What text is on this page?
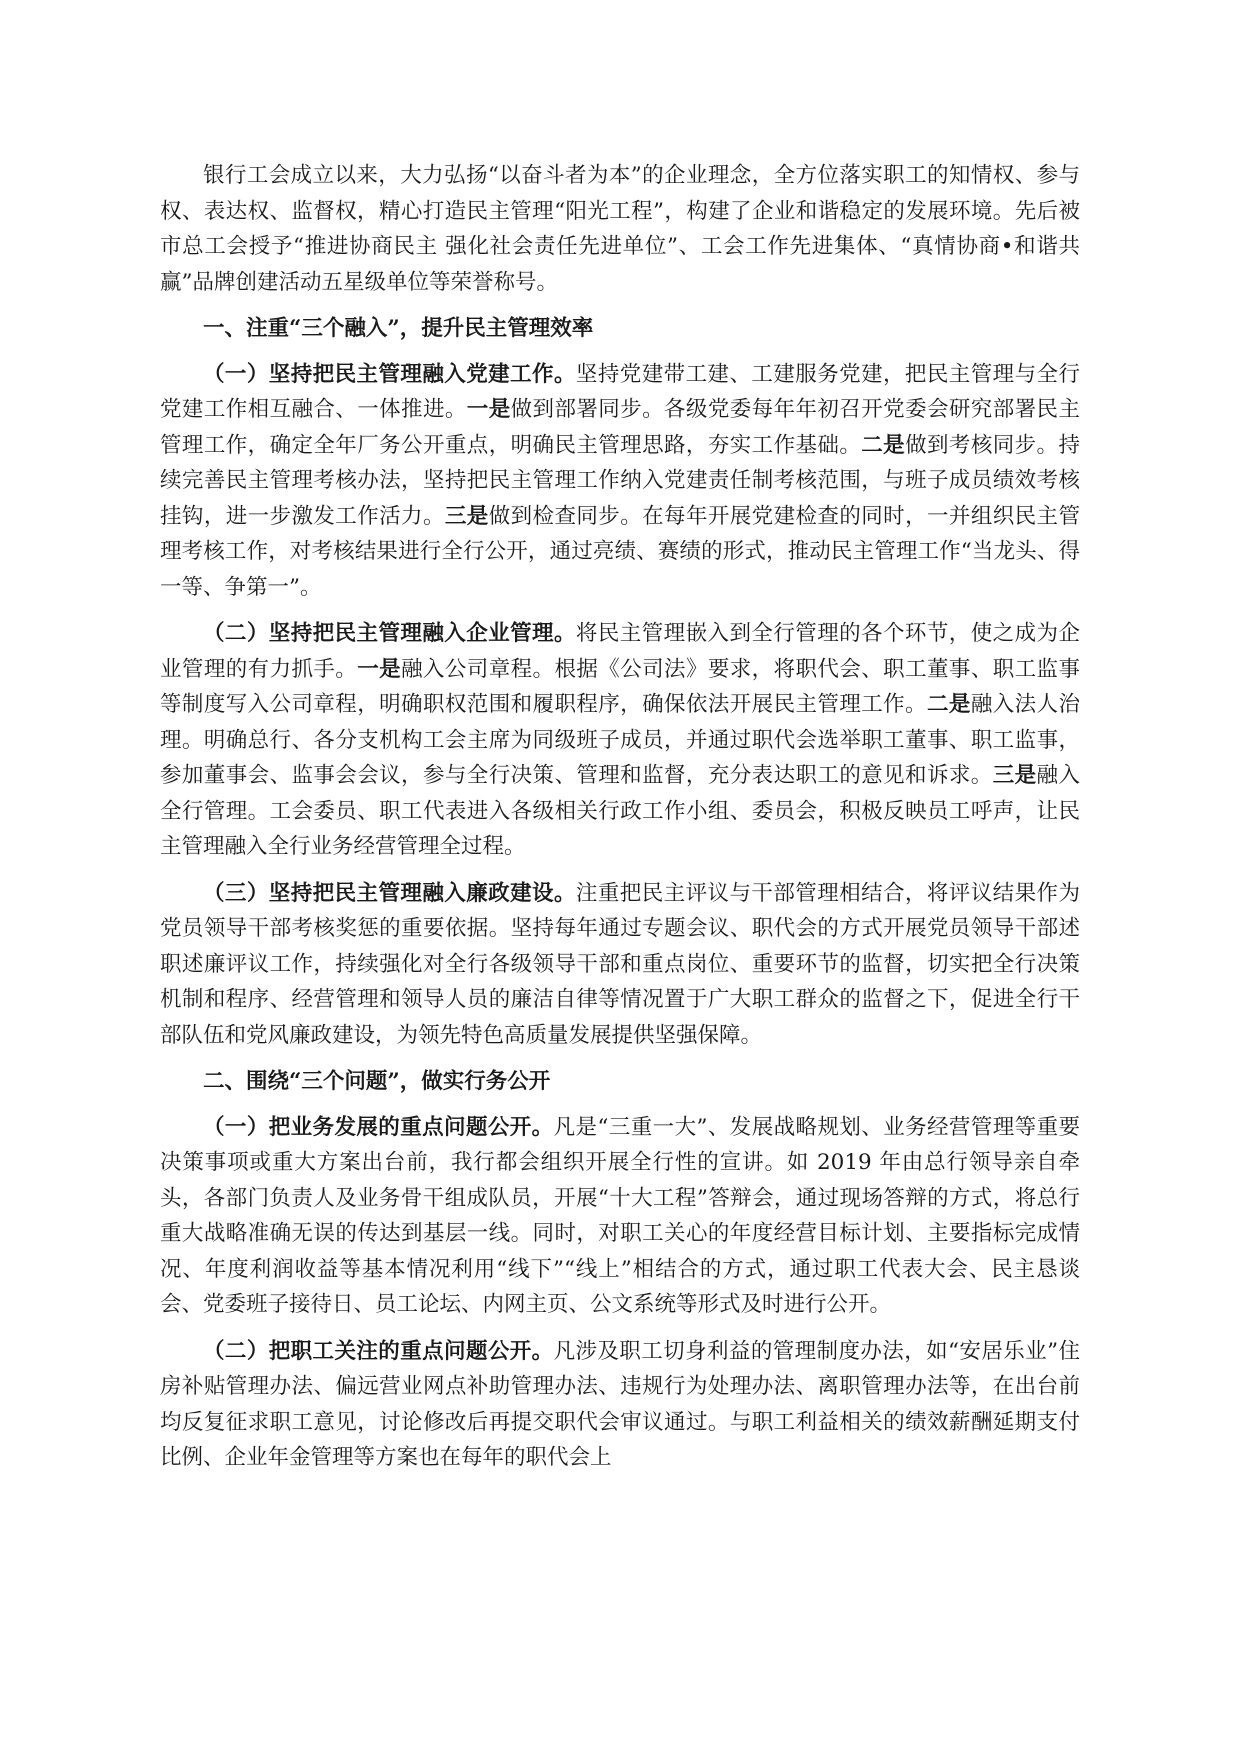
银行工会成立以来，大力弘扬“以奋斗者为本”的企业理念，全方位落实职工的知情权、参与权、表达权、监督权，精心打造民主管理“阳光工程”，构建了企业和谐稳定的发展环境。先后被市总工会授予“推进协商民主 强化社会责任先进单位”、工会工作先进集体、“真情协商•和谐共赢”品牌创建活动五星级单位等荣誉称号。

一、注重“三个融入”，提升民主管理效率

（一）坚持把民主管理融入党建工作。坚持党建带工建、工建服务党建，把民主管理与全行党建工作相互融合、一体推进。一是做到部署同步。各级党委每年年初召开党委会研究部署民主管理工作，确定全年厂务公开重点，明确民主管理思路，夯实工作基础。二是做到考核同步。持续完善民主管理考核办法，坚持把民主管理工作纳入党建责任制考核范围，与班子成员绩效考核挂钩，进一步激发工作活力。三是做到检查同步。在每年开展党建检查的同时，一并组织民主管理考核工作，对考核结果进行全行公开，通过亮绩、赛绩的形式，推动民主管理工作“当龙头、得一等、争第一”。

（二）坚持把民主管理融入企业管理。将民主管理嵌入到全行管理的各个环节，使之成为企业管理的有力抓手。一是融入公司章程。根据《公司法》要求，将职代会、职工董事、职工监事等制度写入公司章程，明确职权范围和履职程序，确保依法开展民主管理工作。二是融入法人治理。明确总行、各分支机构工会主席为同级班子成员，并通过职代会选举职工董事、职工监事，参加董事会、监事会会议，参与全行决策、管理和监督，充分表达职工的意见和诉求。三是融入全行管理。工会委员、职工代表进入各级相关行政工作小组、委员会，积极反映员工呼声，让民主管理融入全行业务经营管理全过程。

（三）坚持把民主管理融入廉政建设。注重把民主评议与干部管理相结合，将评议结果作为党员领导干部考核奖惩的重要依据。坚持每年通过专题会议、职代会的方式开展党员领导干部述职述廉评议工作，持续强化对全行各级领导干部和重点岗位、重要环节的监督，切实把全行决策机制和程序、经营管理和领导人员的廉洁自律等情况置于广大职工群众的监督之下，促进全行干部队伍和党风廉政建设，为领先特色高质量发展提供坚强保障。

二、围绕“三个问题”，做实行务公开

（一）把业务发展的重点问题公开。凡是“三重一大”、发展战略规划、业务经营管理等重要决策事项或重大方案出台前，我行都会组织开展全行性的宣讲。如 2019 年由总行领导亲自牵头，各部门负责人及业务骨干组成队员，开展“十大工程”答辩会，通过现场答辩的方式，将总行重大战略准确无误的传达到基层一线。同时，对职工关心的年度经营目标计划、主要指标完成情况、年度利润收益等基本情况利用“线下”“线上”相结合的方式，通过职工代表大会、民主恳谈会、党委班子接待日、员工论坛、内网主页、公文系统等形式及时进行公开。

（二）把职工关注的重点问题公开。凡涉及职工切身利益的管理制度办法，如“安居乐业”住房补贴管理办法、偏远营业网点补助管理办法、违规行为处理办法、离职管理办法等，在出台前均反复征求职工意见，讨论修改后再提交职代会审议通过。与职工利益相关的绩效薪酬延期支付比例、企业年金管理等方案也在每年的职代会上
